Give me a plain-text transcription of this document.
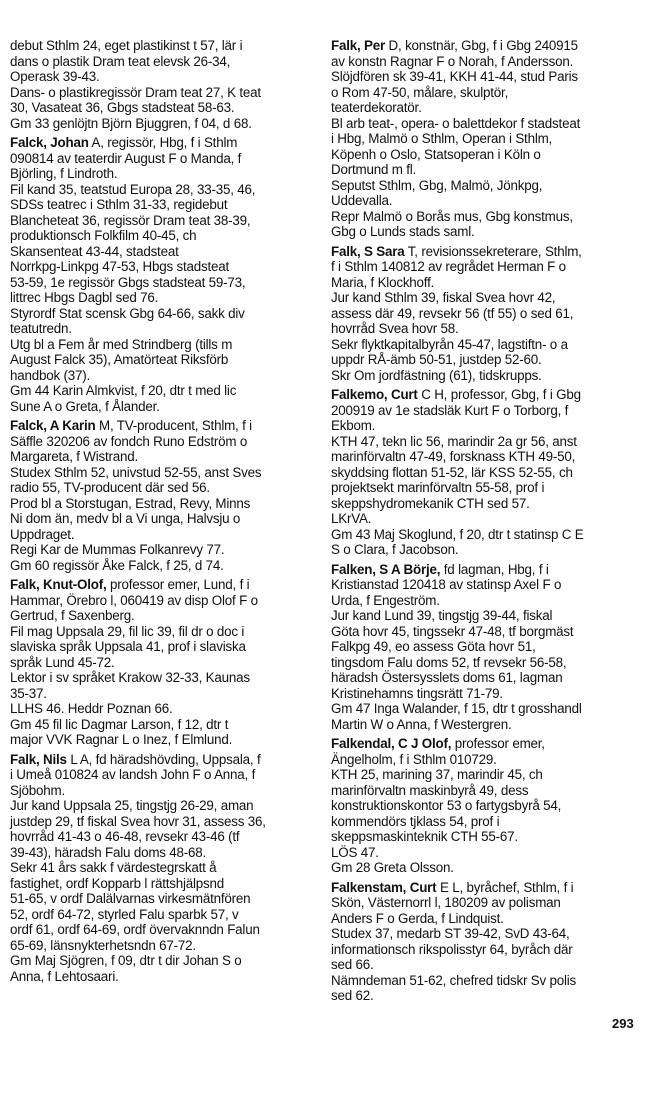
debut Sthlm 24, eget plastikinst t 57, lär i

dans o plastik Dram teat elevsk 26-34,

Operask 39-43.

Dans- o plastikregissör Dram teat 27, K teat

30, Vasateat 36, Gbgs stadsteat 58-63.

Gm 33 genlöjtn Björn Bjuggren, f 04, d 68.

Falck, Johan A, regissör, Hbg, f i Sthlm

090814 av teaterdir August F o Manda, f

Björling, f Lindroth.

Fil kand 35, teatstud Europa 28, 33-35, 46,

SDSs teatrec i Sthlm 31-33, regidebut

Blancheteat 36, regissör Dram teat 38-39,

produktionsch Folkfilm 40-45, ch

Skansenteat 43-44, stadsteat

Norrkpg-Linkpg 47-53, Hbgs stadsteat

53-59, 1e regissör Gbgs stadsteat 59-73,

littrec Hbgs Dagbl sed 76.

Styrordf Stat scensk Gbg 64-66, sakk div

teatutredn.

Utg bl a Fem år med Strindberg (tills m

August Falck 35), Amatörteat Riksförb

handbok (37).

Gm 44 Karin Almkvist, f 20, dtr t med lic

Sune A o Greta, f Ålander.

Falck, A Karin M, TV-producent, Sthlm, f i

Säffle 320206 av fondch Runo Edström o

Margareta, f Wistrand.

Studex Sthlm 52, univstud 52-55, anst Sves

radio 55, TV-producent där sed 56.

Prod bl a Storstugan, Estrad, Revy, Minns

Ni dom än, medv bl a Vi unga, Halvsju o

Uppdraget.

Regi Kar de Mummas Folkanrevy 77.

Gm 60 regissör Åke Falck, f 25, d 74.

Falk, Knut-Olof, professor emer, Lund, f i

Hammar, Örebro l, 060419 av disp Olof F o

Gertrud, f Saxenberg.

Fil mag Uppsala 29, fil lic 39, fil dr o doc i

slaviska språk Uppsala 41, prof i slaviska

språk Lund 45-72.

Lektor i sv språket Krakow 32-33, Kaunas

35-37.

LLHS 46. Heddr Poznan 66.

Gm 45 fil lic Dagmar Larson, f 12, dtr t

major VVK Ragnar L o Inez, f Elmlund.

Falk, Nils L A, fd häradshövding, Uppsala, f

i Umeå 010824 av landsh John F o Anna, f

Sjöbohm.

Jur kand Uppsala 25, tingstjg 26-29, aman

justdep 29, tf fiskal Svea hovr 31, assess 36,

hovrråd 41-43 o 46-48, revsekr 43-46 (tf

39-43), häradsh Falu doms 48-68.

Sekr 41 års sakk f värdestegrskatt å

fastighet, ordf Kopparb l rättshjälpsnd

51-65, v ordf Dalälvarnas virkesmätnfören

52, ordf 64-72, styrled Falu sparbk 57, v

ordf 61, ordf 64-69, ordf övervaknndn Falun

65-69, länsnykterhetsndn 67-72.

Gm Maj Sjögren, f 09, dtr t dir Johan S o

Anna, f Lehtosaari.

Falk, Per D, konstnär, Gbg, f i Gbg 240915

av konstn Ragnar F o Norah, f Andersson.

Slöjdfören sk 39-41, KKH 41-44, stud Paris

o Rom 47-50, målare, skulptör,

teaterdekoratör.

Bl arb teat-, opera- o balettdekor f stadsteat

i Hbg, Malmö o Sthlm, Operan i Sthlm,

Köpenh o Oslo, Statsoperan i Köln o

Dortmund m fl.

Seputst Sthlm, Gbg, Malmö, Jönkpg,

Uddevalla.

Repr Malmö o Borås mus, Gbg konstmus,

Gbg o Lunds stads saml.

Falk, S Sara T, revisionssekreterare, Sthlm,

f i Sthlm 140812 av regrådet Herman F o

Maria, f Klockhoff.

Jur kand Sthlm 39, fiskal Svea hovr 42,

assess där 49, revsekr 56 (tf 55) o sed 61,

hovrråd Svea hovr 58.

Sekr flyktkapitalbyrån 45-47, lagstiftn- o a

uppdr RÅ-ämb 50-51, justdep 52-60.

Skr Om jordfästning (61), tidskrupps.

Falkemo, Curt C H, professor, Gbg, f i Gbg

200919 av 1e stadsläk Kurt F o Torborg, f

Ekbom.

KTH 47, tekn lic 56, marindir 2a gr 56, anst

marinförvaltn 47-49, forsknass KTH 49-50,

skyddsing flottan 51-52, lär KSS 52-55, ch

projektsekt marinförvaltn 55-58, prof i

skeppshydromekanik CTH sed 57.

LKrVA.

Gm 43 Maj Skoglund, f 20, dtr t statinsp C E

S o Clara, f Jacobson.

Falken, S A Börje, fd lagman, Hbg, f i

Kristianstad 120418 av statinsp Axel F o

Urda, f Engeström.

Jur kand Lund 39, tingstjg 39-44, fiskal

Göta hovr 45, tingssekr 47-48, tf borgmäst

Falkpg 49, eo assess Göta hovr 51,

tingsdom Falu doms 52, tf revsekr 56-58,

häradsh Östersysslets doms 61, lagman

Kristinehamns tingsrätt 71-79.

Gm 47 Inga Walander, f 15, dtr t grosshandl

Martin W o Anna, f Westergren.

Falkendal, C J Olof, professor emer,

Ängelholm, f i Sthlm 010729.

KTH 25, marining 37, marindir 45, ch

marinförvaltn maskinbyrå 49, dess

konstruktionskontor 53 o fartygsbyrå 54,

kommendörs tjklass 54, prof i

skeppsmaskinteknik CTH 55-67.

LÖS 47.

Gm 28 Greta Olsson.

Falkenstam, Curt E L, byråchef, Sthlm, f i

Skön, Västernorrl l, 180209 av polisman

Anders F o Gerda, f Lindquist.

Studex 37, medarb ST 39-42, SvD 43-64,

informationsch rikspolisstyr 64, byråch där

sed 66.

Nämndeman 51-62, chefred tidskr Sv polis

sed 62.

293
